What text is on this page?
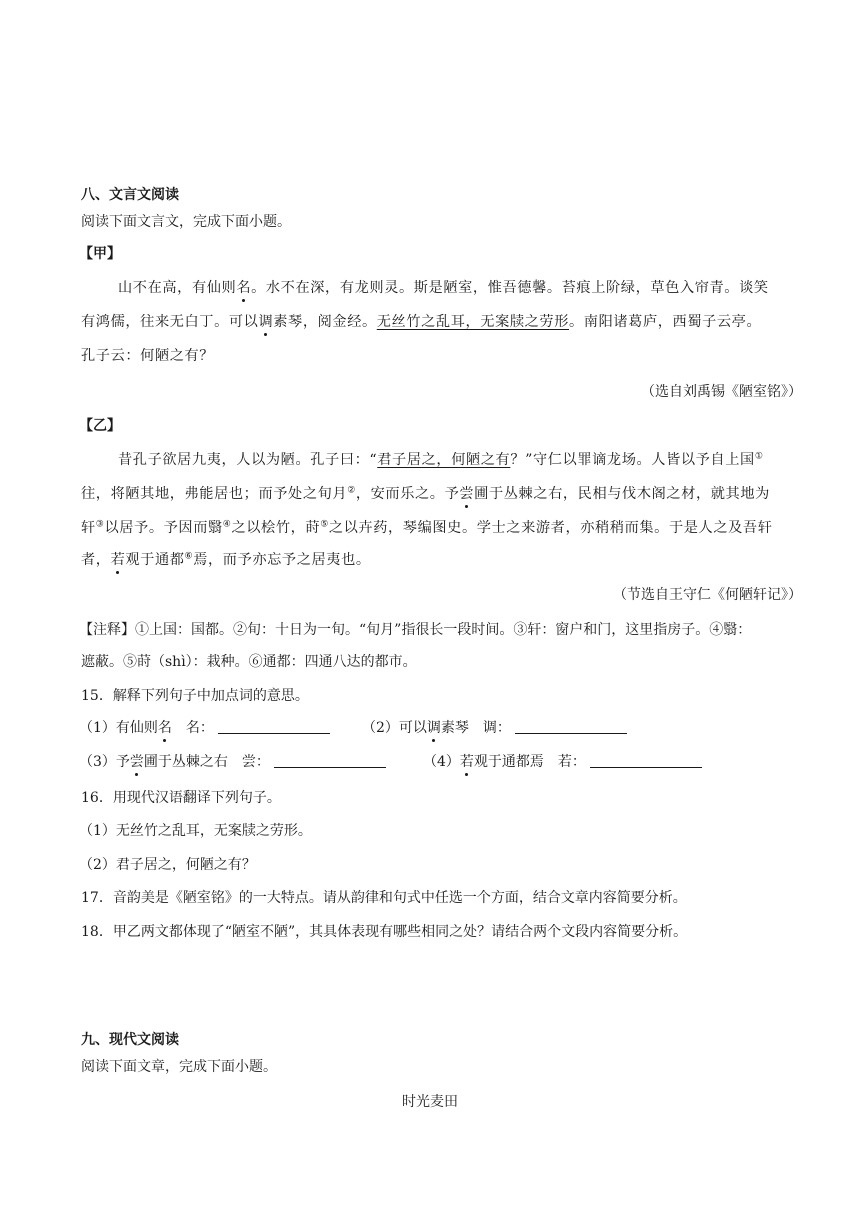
八、文言文阅读
阅读下面文言文，完成下面小题。
【甲】
山不在高，有仙则名。水不在深，有龙则灵。斯是陋室，惟吾德馨。苔痕上阶绿，草色入帘青。谈笑
有鸿儒，往来无白丁。可以调素琴，阅金经。无丝竹之乱耳，无案牍之劳形。南阳诸葛庐，西蜀子云亭。
孔子云：何陋之有？
（选自刘禹锡《陋室铭》）
【乙】
昔孔子欲居九夷，人以为陋。孔子曰：“君子居之，何陋之有？”守仁以罪谪龙场。人皆以予自上国①
往，将陋其地，弗能居也；而予处之旬月②，安而乐之。予尝圃于丛棘之右，民相与伐木阁之材，就其地为
轩③以居予。予因而翳④之以桧竹，莳⑤之以卉药，琴编图史。学士之来游者，亦稍稍而集。于是人之及吾轩
者，若观于通都⑥焉，而予亦忘予之居夷也。
（节选自王守仁《何陋轩记》）
【注释】①上国：国都。②旬：十日为一旬。“旬月”指很长一段时间。③轩：窗户和门，这里指房子。④翳：
遮蔽。⑤莳（shì）：栽种。⑥通都：四通八达的都市。
15．解释下列句子中加点词的意思。
（1）有仙则名　名：	（2）可以调素琴　调：
（3）予尝圃于丛棘之右　尝：	（4）若观于通都焉　若：
16．用现代汉语翻译下列句子。
（1）无丝竹之乱耳，无案牍之劳形。
（2）君子居之，何陋之有？
17．音韵美是《陋室铭》的一大特点。请从韵律和句式中任选一个方面，结合文章内容简要分析。
18．甲乙两文都体现了“陋室不陋”，其具体表现有哪些相同之处？请结合两个文段内容简要分析。
九、现代文阅读
阅读下面文章，完成下面小题。
时光麦田
